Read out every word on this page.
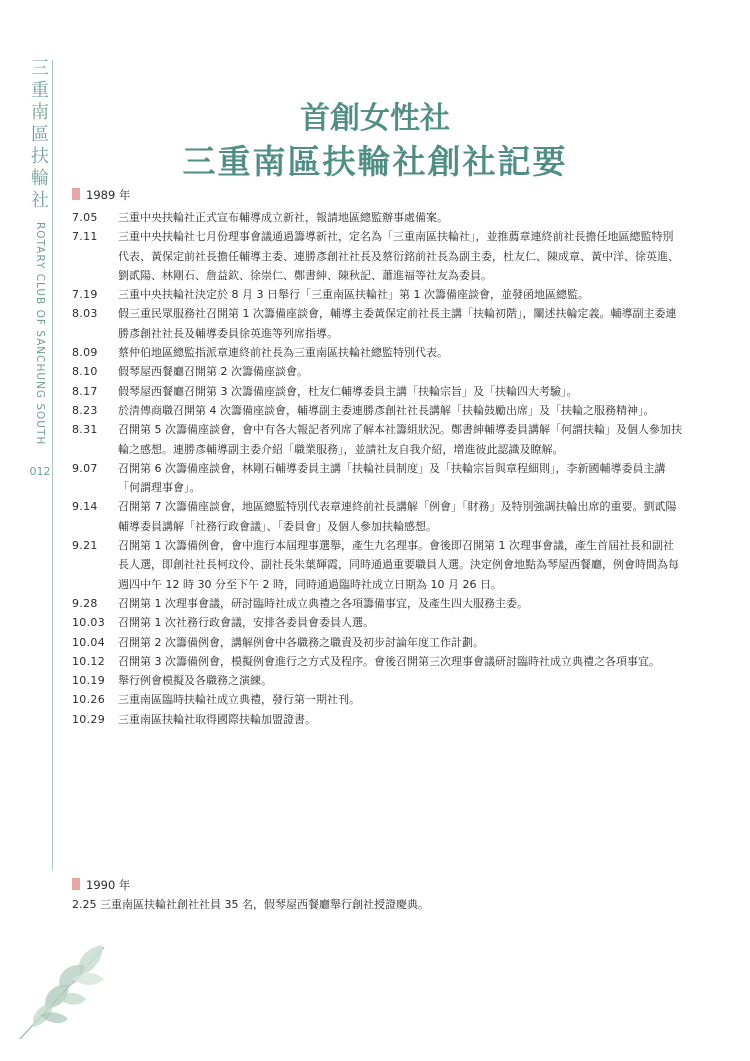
三重南區扶輪社
ROTARY CLUB OF SANCHUNG SOUTH
012
首創女性社
三重南區扶輪社創社記要
1989 年
7.05	三重中央扶輪社正式宣布輔導成立新社，報請地區總監辦事處備案。
7.11	三重中央扶輪社七月份理事會議通過籌導新社，定名為「三重南區扶輪社」，並推薦章連終前社長擔任地區總監特別代表、黃保定前社長擔任輔導主委、連勝彥創社社長及蔡衍銘前社長為副主委，杜友仁、陳成章、黃中洋、徐英進、劉貳陽、林剛石、詹益欽、徐崇仁、鄭書紳、陳秋記、蕭進福等社友為委員。
7.19	三重中央扶輪社決定於 8 月 3 日舉行「三重南區扶輪社」第 1 次籌備座談會，並發函地區總監。
8.03	假三重民眾服務社召開第 1 次籌備座談會，輔導主委黃保定前社長主講「扶輪初階」，闡述扶輪定義。輔導副主委連勝彥創社社長及輔導委員徐英進等列席指導。
8.09	蔡仲伯地區總監指派章連終前社長為三重南區扶輪社總監特別代表。
8.10	假琴屋西餐廳召開第 2 次籌備座談會。
8.17	假琴屋西餐廳召開第 3 次籌備座談會，杜友仁輔導委員主講「扶輪宗旨」及「扶輪四大考驗」。
8.23	於清傳商職召開第 4 次籌備座談會，輔導副主委連勝彥創社社長講解「扶輪鼓勵出席」及「扶輪之服務精神」。
8.31	召開第 5 次籌備座談會，會中有各大報記者列席了解本社籌組狀況。鄭書紳輔導委員講解「何謂扶輪」及個人參加扶輪之感想。連勝彥輔導副主委介紹「職業服務」，並請社友自我介紹，增進彼此認識及瞭解。
9.07	召開第 6 次籌備座談會，林剛石輔導委員主講「扶輪社員制度」及「扶輪宗旨與章程細則」，李新國輔導委員主講「何謂理事會」。
9.14	召開第 7 次籌備座談會，地區總監特別代表章連終前社長講解「例會」「財務」及特別強調扶輪出席的重要。劉貳陽輔導委員講解「社務行政會議」、「委員會」及個人參加扶輪感想。
9.21	召開第 1 次籌備例會，會中進行本屆理事選舉，產生九名理事。會後即召開第 1 次理事會議，產生首屆社長和副社長人選，即創社社長柯玟伶、副社長朱葉輝霞，同時通過重要職員人選。決定例會地點為琴屋西餐廳，例會時間為每週四中午 12 時 30 分至下午 2 時，同時通過臨時社成立日期為 10 月 26 日。
9.28	召開第 1 次理事會議，研討臨時社成立典禮之各項籌備事宜，及產生四大服務主委。
10.03	召開第 1 次社務行政會議，安排各委員會委員人選。
10.04	召開第 2 次籌備例會，講解例會中各職務之職責及初步討論年度工作計劃。
10.12	召開第 3 次籌備例會，模擬例會進行之方式及程序。會後召開第三次理事會議研討臨時社成立典禮之各項事宜。
10.19	舉行例會模擬及各職務之演練。
10.26	三重南區臨時扶輪社成立典禮，發行第一期社刊。
10.29	三重南區扶輪社取得國際扶輪加盟證書。
1990 年
2.25 三重南區扶輪社創社社員 35 名，假琴屋西餐廳舉行創社授證慶典。
